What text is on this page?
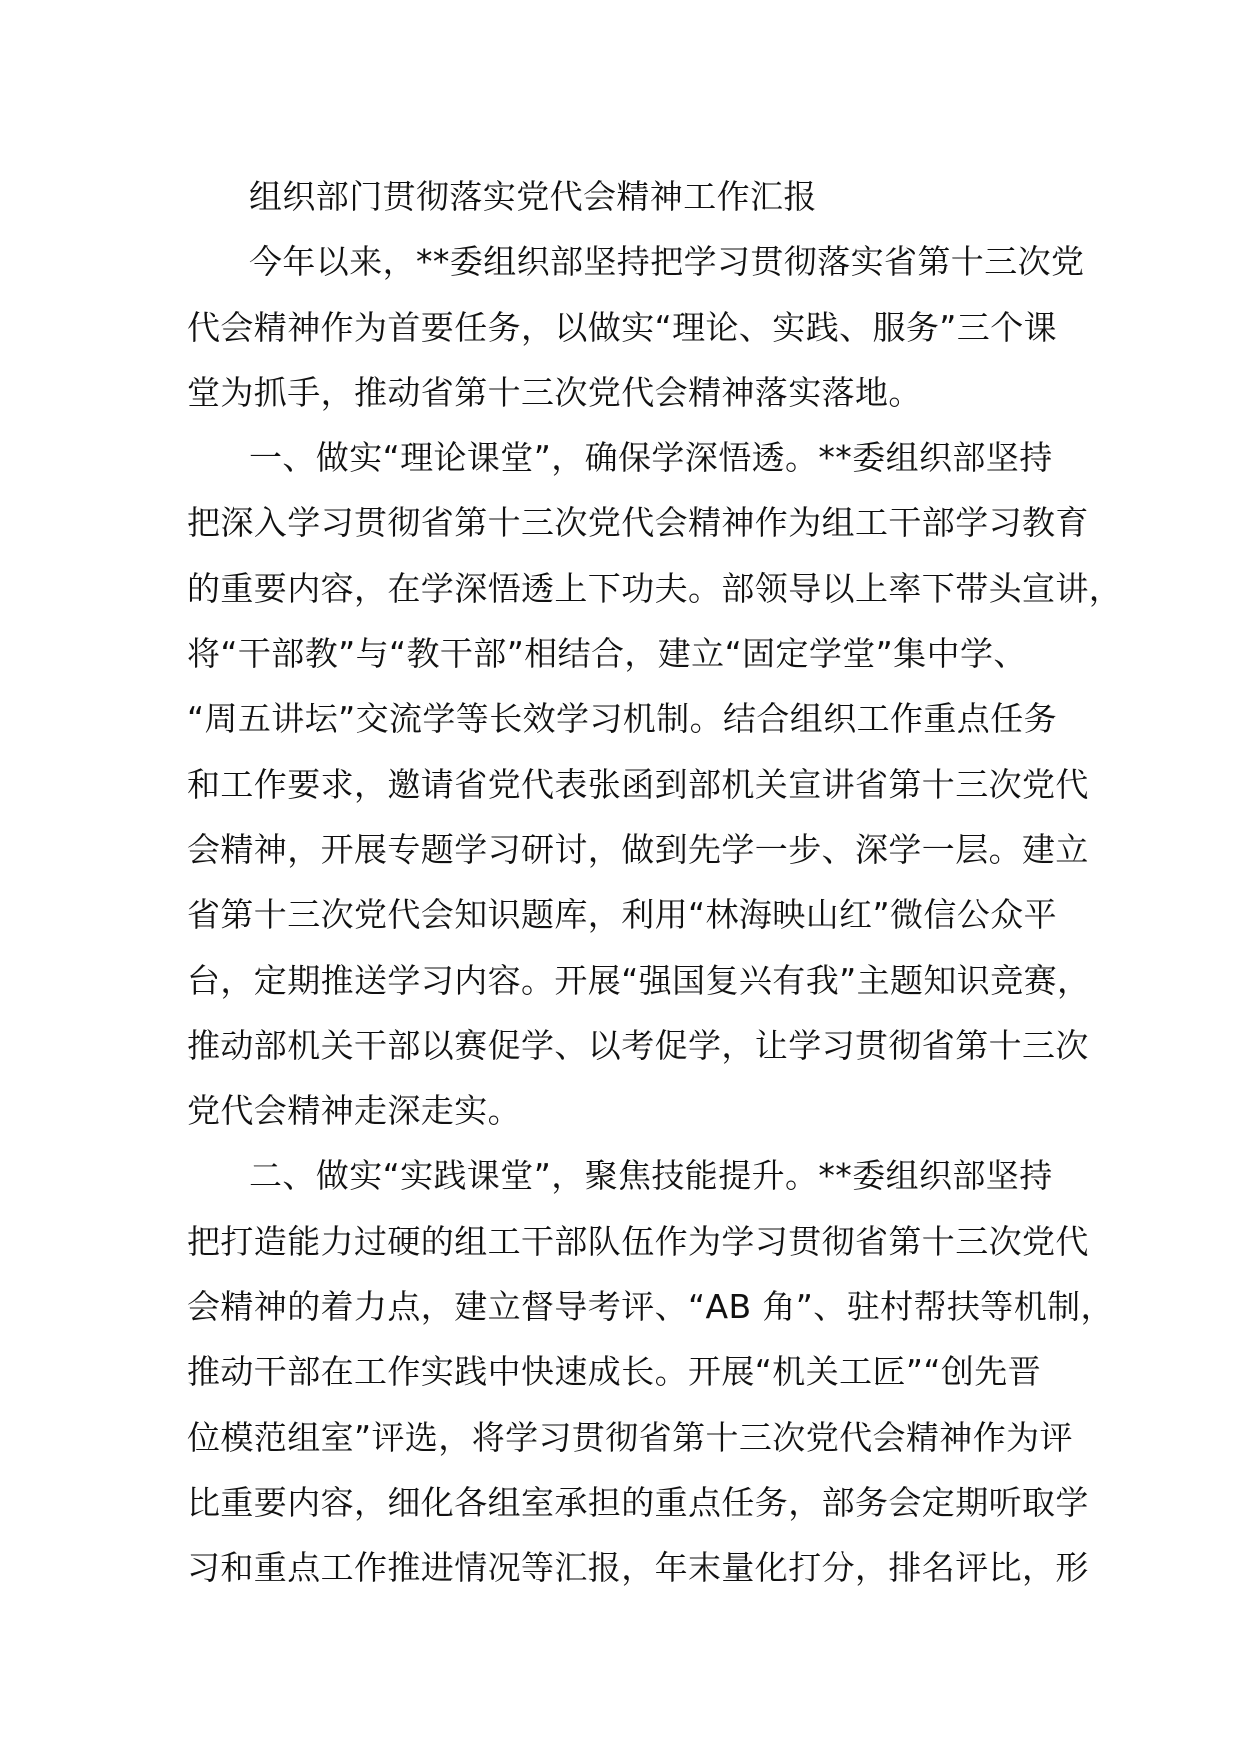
组织部门贯彻落实党代会精神工作汇报
今年以来，**委组织部坚持把学习贯彻落实省第十三次党
代会精神作为首要任务，以做实“理论、实践、服务”三个课
堂为抓手，推动省第十三次党代会精神落实落地。
一、做实“理论课堂”，确保学深悟透。**委组织部坚持
把深入学习贯彻省第十三次党代会精神作为组工干部学习教育
的重要内容，在学深悟透上下功夫。部领导以上率下带头宣讲，
将“干部教”与“教干部”相结合，建立“固定学堂”集中学、
“周五讲坛”交流学等长效学习机制。结合组织工作重点任务
和工作要求，邀请省党代表张函到部机关宣讲省第十三次党代
会精神，开展专题学习研讨，做到先学一步、深学一层。建立
省第十三次党代会知识题库，利用“林海映山红”微信公众平
台，定期推送学习内容。开展“强国复兴有我”主题知识竞赛，
推动部机关干部以赛促学、以考促学，让学习贯彻省第十三次
党代会精神走深走实。
二、做实“实践课堂”，聚焦技能提升。**委组织部坚持
把打造能力过硬的组工干部队伍作为学习贯彻省第十三次党代
会精神的着力点，建立督导考评、“AB 角”、驻村帮扶等机制，
推动干部在工作实践中快速成长。开展“机关工匠”“创先晋
位模范组室”评选，将学习贯彻省第十三次党代会精神作为评
比重要内容，细化各组室承担的重点任务，部务会定期听取学
习和重点工作推进情况等汇报，年末量化打分，排名评比，形
